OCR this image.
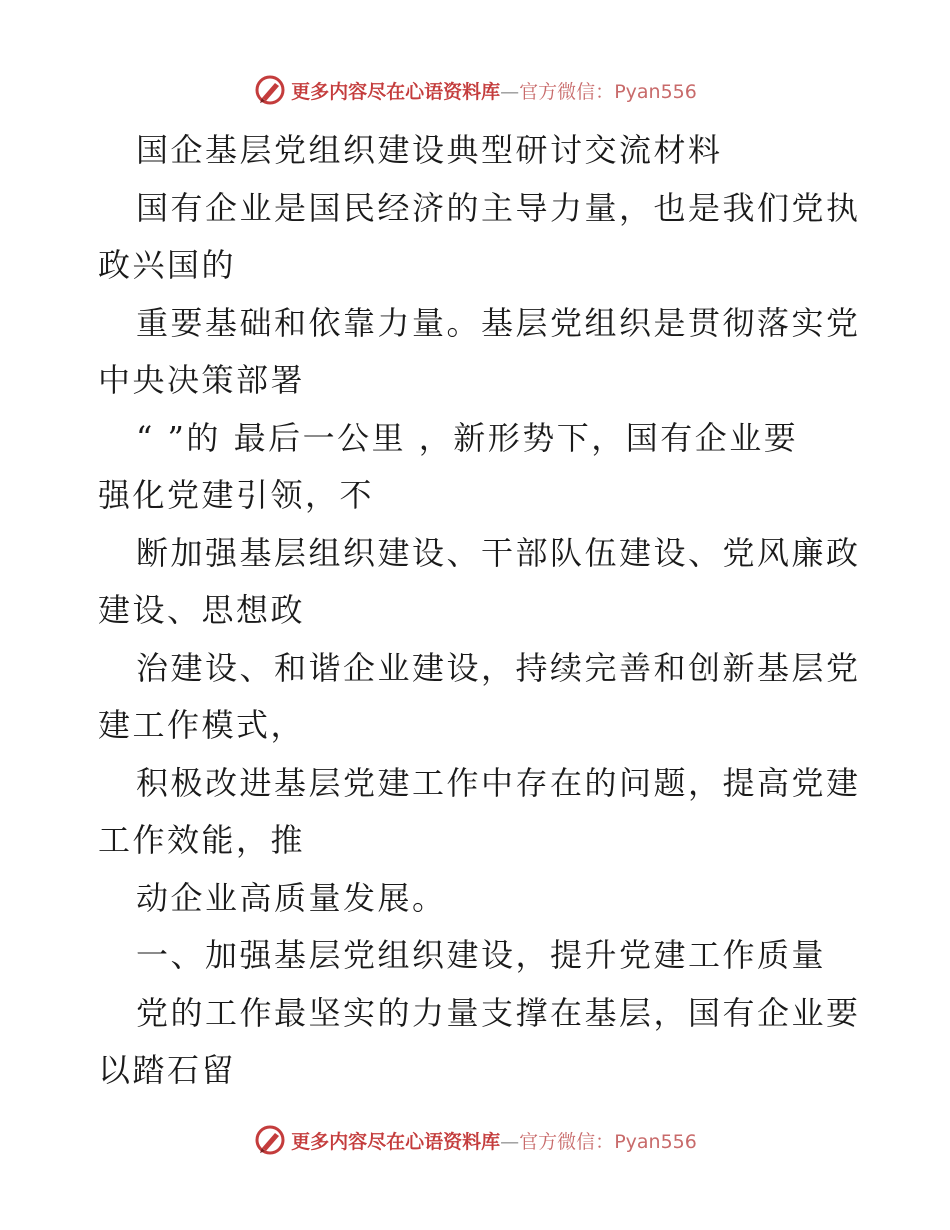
更多内容尽在心语资料库—官方微信：Pyan556
国企基层党组织建设典型研讨交流材料
国有企业是国民经济的主导力量，也是我们党执
政兴国的
重要基础和依靠力量。基层党组织是贯彻落实党
中央决策部署
“ ”的 最后一公里 ，新形势下，国有企业要
强化党建引领，不
断加强基层组织建设、干部队伍建设、党风廉政
建设、思想政
治建设、和谐企业建设，持续完善和创新基层党
建工作模式，
积极改进基层党建工作中存在的问题，提高党建
工作效能，推
动企业高质量发展。
一、加强基层党组织建设，提升党建工作质量
党的工作最坚实的力量支撑在基层，国有企业要
以踏石留
更多内容尽在心语资料库—官方微信：Pyan556
